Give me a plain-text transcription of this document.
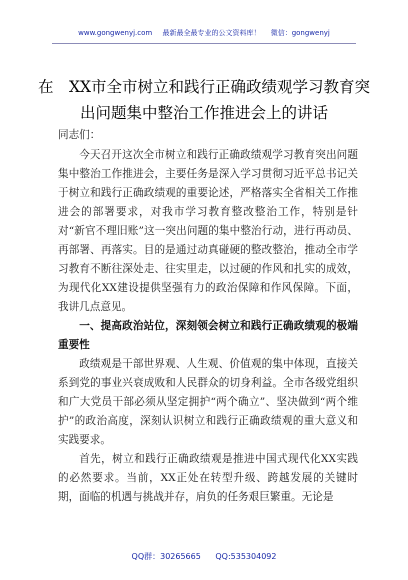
www.gongwenyj.com 最新最全最专业的公文资料库！ 微信：gongwenyj
在　XX市全市树立和践行正确政绩观学习教育突出问题集中整治工作推进会上的讲话

同志们：

今天召开这次全市树立和践行正确政绩观学习教育突出问题集中整治工作推进会，主要任务是深入学习贯彻习近平总书记关于树立和践行正确政绩观的重要论述，严格落实全省相关工作推进会的部署要求，对我市学习教育整改整治工作，特别是针对“新官不理旧账”这一突出问题的集中整治行动，进行再动员、再部署、再落实。目的是通过动真碰硬的整改整治，推动全市学习教育不断往深处走、往实里走，以过硬的作风和扎实的成效，为现代化XX建设提供坚强有力的政治保障和作风保障。下面，我讲几点意见。

一、提高政治站位，深刻领会树立和践行正确政绩观的极端重要性

政绩观是干部世界观、人生观、价值观的集中体现，直接关系到党的事业兴衰成败和人民群众的切身利益。全市各级党组织和广大党员干部必须从坚定拥护“两个确立”、坚决做到“两个维护”的政治高度，深刻认识树立和践行正确政绩观的重大意义和实践要求。

首先，树立和践行正确政绩观是推进中国式现代化XX实践的必然要求。当前，XX正处在转型升级、跨越发展的关键时期，面临的机遇与挑战并存，肩负的任务艰巨繁重。无论是

QQ群：30265665 QQ:535304092
